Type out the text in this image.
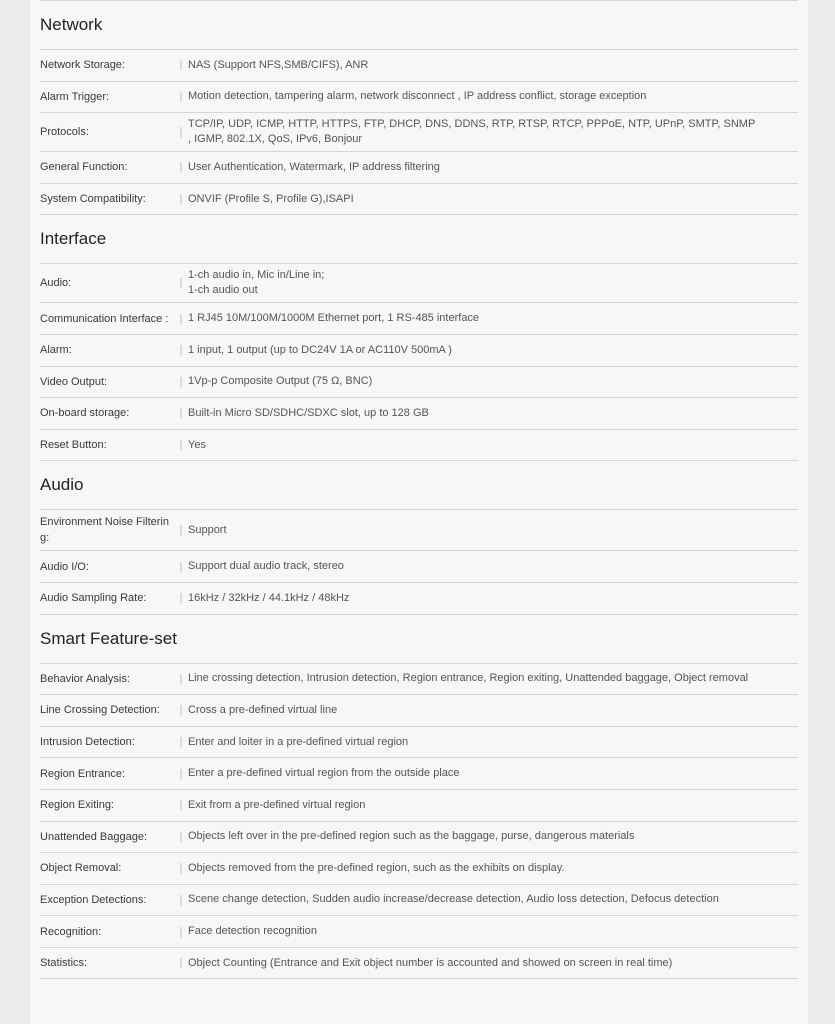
Network
Network Storage:	| NAS (Support NFS,SMB/CIFS), ANR
Alarm Trigger:	| Motion detection, tampering alarm, network disconnect , IP address conflict, storage exception
Protocols:	|
TCP/IP, UDP, ICMP, HTTP, HTTPS, FTP, DHCP, DNS, DDNS, RTP, RTSP, RTCP, PPPoE, NTP, UPnP, SMTP, SNMP
, IGMP, 802.1X, QoS, IPv6, Bonjour
General Function:	| User Authentication, Watermark, IP address filtering
System Compatibility:	| ONVIF (Profile S, Profile G),ISAPI
Interface
Audio:	|
1-ch audio in, Mic in/Line in;
1-ch audio out
Communication Interface :	| 1 RJ45 10M/100M/1000M Ethernet port, 1 RS-485 interface
Alarm:	| 1 input, 1 output (up to DC24V 1A or AC110V 500mA )
Video Output:	| 1Vp-p Composite Output (75 Ω, BNC)
On-board storage:	| Built-in Micro SD/SDHC/SDXC slot, up to 128 GB
Reset Button:	| Yes
Audio
Environment Noise Filtering:
| Support
Audio I/O:	| Support dual audio track, stereo
Audio Sampling Rate:	| 16kHz / 32kHz / 44.1kHz / 48kHz
Smart Feature-set
Behavior Analysis:	| Line crossing detection, Intrusion detection, Region entrance, Region exiting, Unattended baggage, Object removal
Line Crossing Detection:	| Cross a pre-defined virtual line
Intrusion Detection:	| Enter and loiter in a pre-defined virtual region
Region Entrance:	| Enter a pre-defined virtual region from the outside place
Region Exiting:	| Exit from a pre-defined virtual region
Unattended Baggage:	| Objects left over in the pre-defined region such as the baggage, purse, dangerous materials
Object Removal:	| Objects removed from the pre-defined region, such as the exhibits on display.
Exception Detections:	| Scene change detection, Sudden audio increase/decrease detection, Audio loss detection, Defocus detection
Recognition:	| Face detection recognition
Statistics:	| Object Counting (Entrance and Exit object number is accounted and showed on screen in real time)
